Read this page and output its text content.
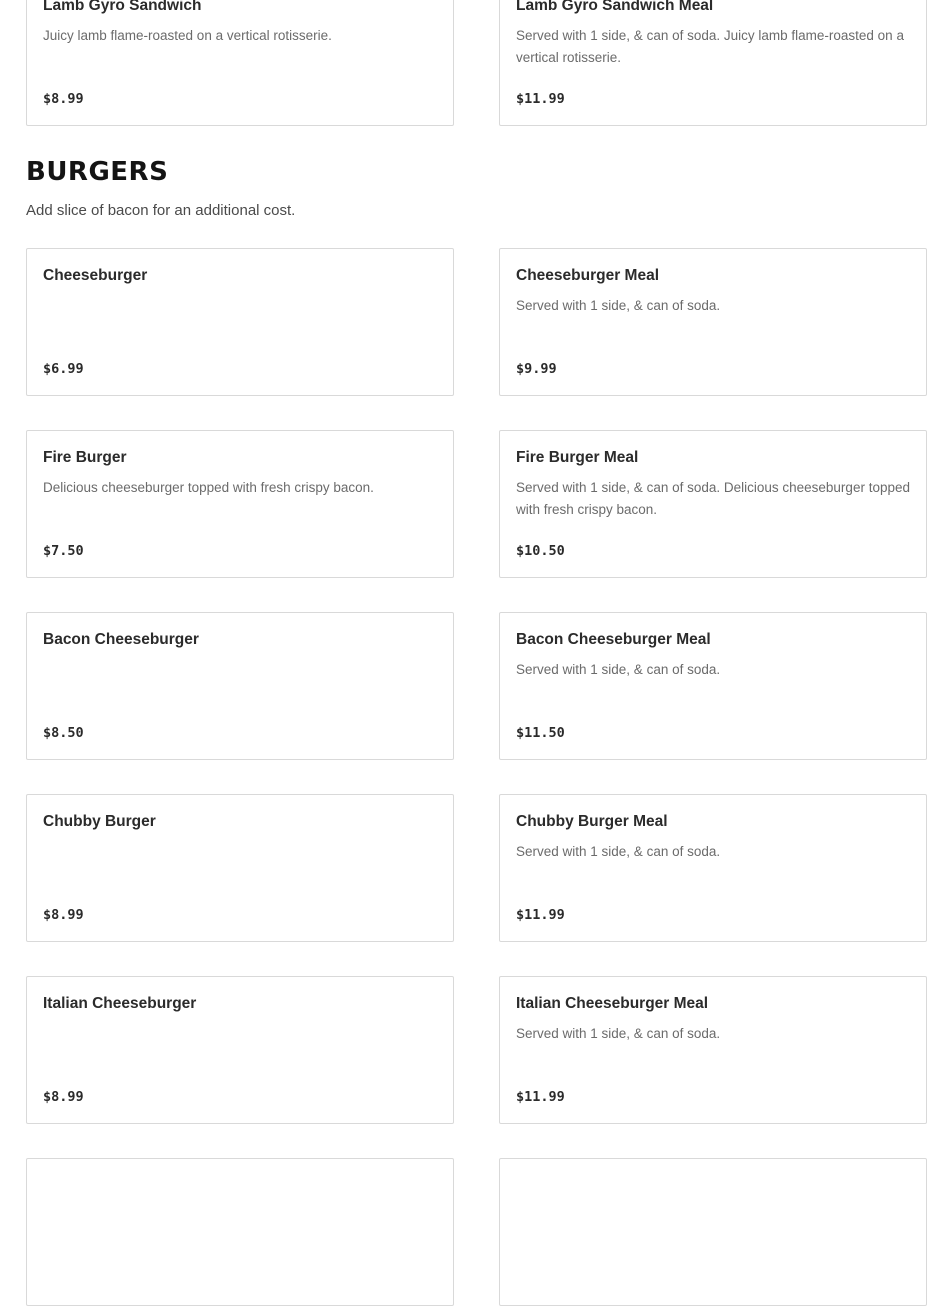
Lamb Gyro Sandwich
Juicy lamb flame-roasted on a vertical rotisserie.
$8.99
Lamb Gyro Sandwich Meal
Served with 1 side, & can of soda. Juicy lamb flame-roasted on a vertical rotisserie.
$11.99
BURGERS
Add slice of bacon for an additional cost.
Cheeseburger
$6.99
Cheeseburger Meal
Served with 1 side, & can of soda.
$9.99
Fire Burger
Delicious cheeseburger topped with fresh crispy bacon.
$7.50
Fire Burger Meal
Served with 1 side, & can of soda. Delicious cheeseburger topped with fresh crispy bacon.
$10.50
Bacon Cheeseburger
$8.50
Bacon Cheeseburger Meal
Served with 1 side, & can of soda.
$11.50
Chubby Burger
$8.99
Chubby Burger Meal
Served with 1 side, & can of soda.
$11.99
Italian Cheeseburger
$8.99
Italian Cheeseburger Meal
Served with 1 side, & can of soda.
$11.99
